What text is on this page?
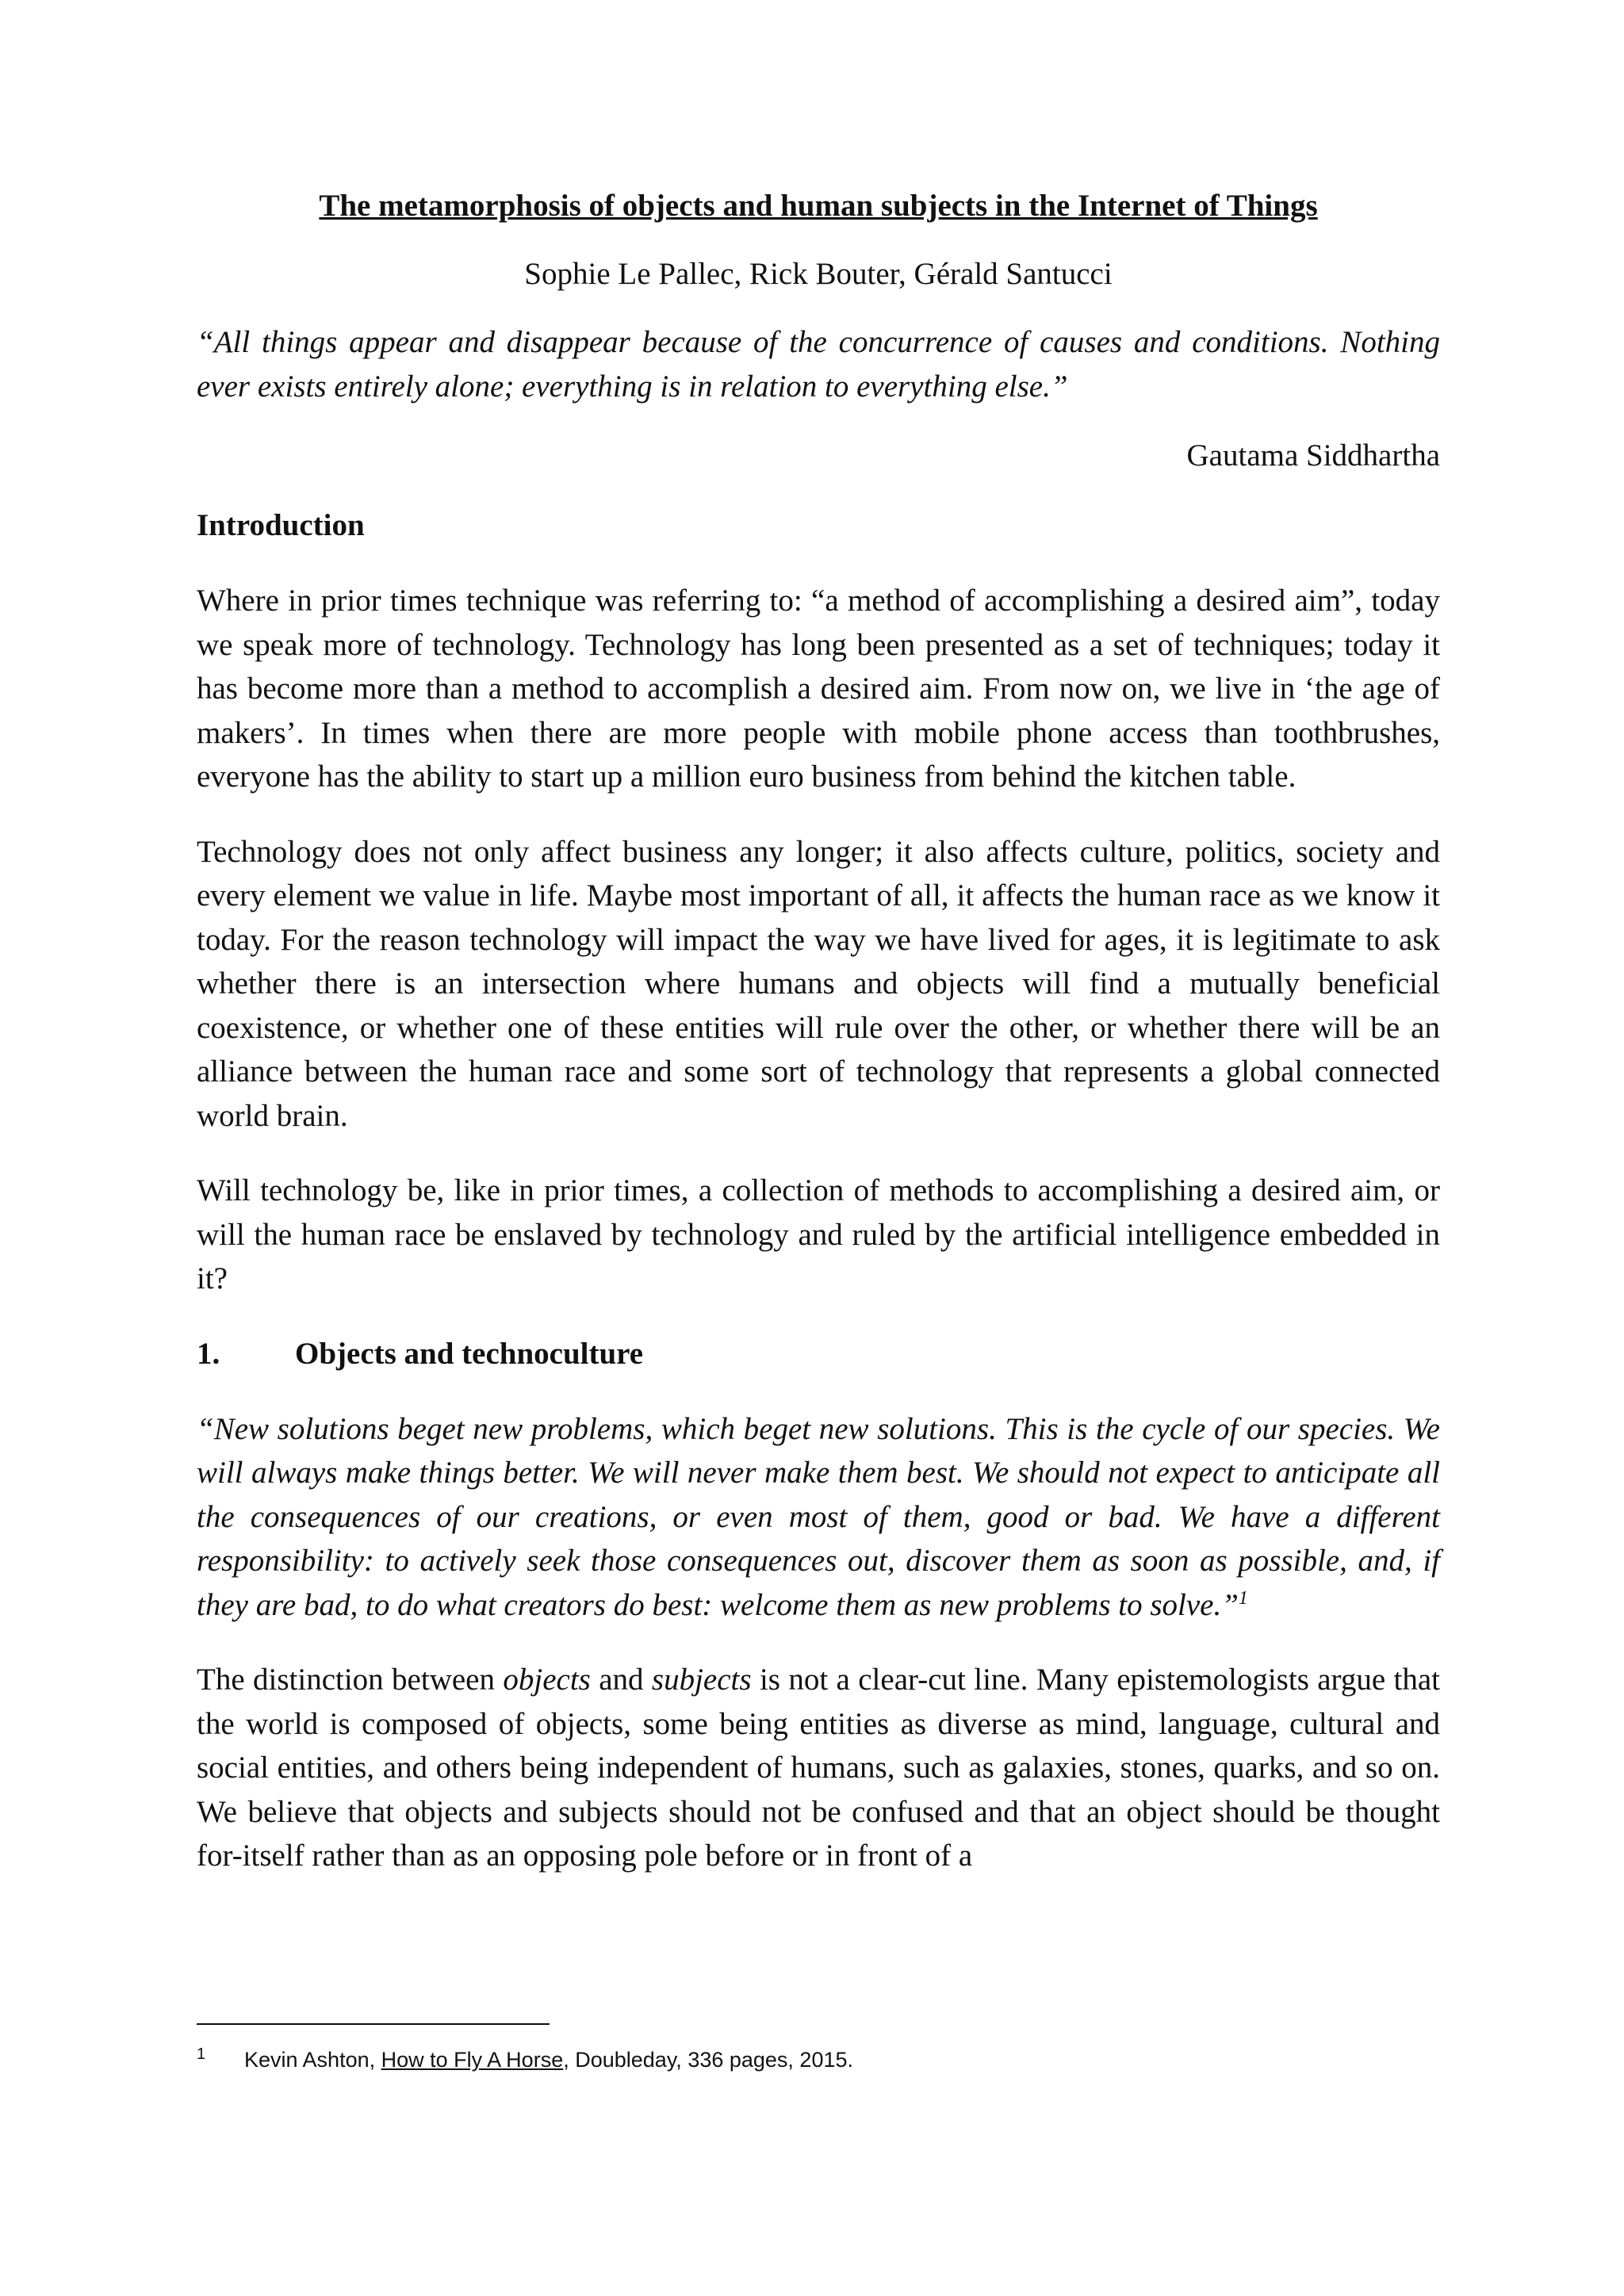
The metamorphosis of objects and human subjects in the Internet of Things

Sophie Le Pallec, Rick Bouter, Gérald Santucci

“All things appear and disappear because of the concurrence of causes and conditions. Nothing ever exists entirely alone; everything is in relation to everything else.”

Gautama Siddhartha

Introduction

Where in prior times technique was referring to: “a method of accomplishing a desired aim”, today we speak more of technology. Technology has long been presented as a set of techniques; today it has become more than a method to accomplish a desired aim. From now on, we live in ‘the age of makers’. In times when there are more people with mobile phone access than toothbrushes, everyone has the ability to start up a million euro business from behind the kitchen table.

Technology does not only affect business any longer; it also affects culture, politics, society and every element we value in life. Maybe most important of all, it affects the human race as we know it today. For the reason technology will impact the way we have lived for ages, it is legitimate to ask whether there is an intersection where humans and objects will find a mutually beneficial coexistence, or whether one of these entities will rule over the other, or whether there will be an alliance between the human race and some sort of technology that represents a global connected world brain.

Will technology be, like in prior times, a collection of methods to accomplishing a desired aim, or will the human race be enslaved by technology and ruled by the artificial intelligence embedded in it?

1. Objects and technoculture

“New solutions beget new problems, which beget new solutions. This is the cycle of our species. We will always make things better. We will never make them best. We should not expect to anticipate all the consequences of our creations, or even most of them, good or bad. We have a different responsibility: to actively seek those consequences out, discover them as soon as possible, and, if they are bad, to do what creators do best: welcome them as new problems to solve.”$^1$

The distinction between objects and subjects is not a clear-cut line. Many epistemologists argue that the world is composed of objects, some being entities as diverse as mind, language, cultural and social entities, and others being independent of humans, such as galaxies, stones, quarks, and so on. We believe that objects and subjects should not be confused and that an object should be thought for-itself rather than as an opposing pole before or in front of a

1 Kevin Ashton, How to Fly A Horse, Doubleday, 336 pages, 2015.
